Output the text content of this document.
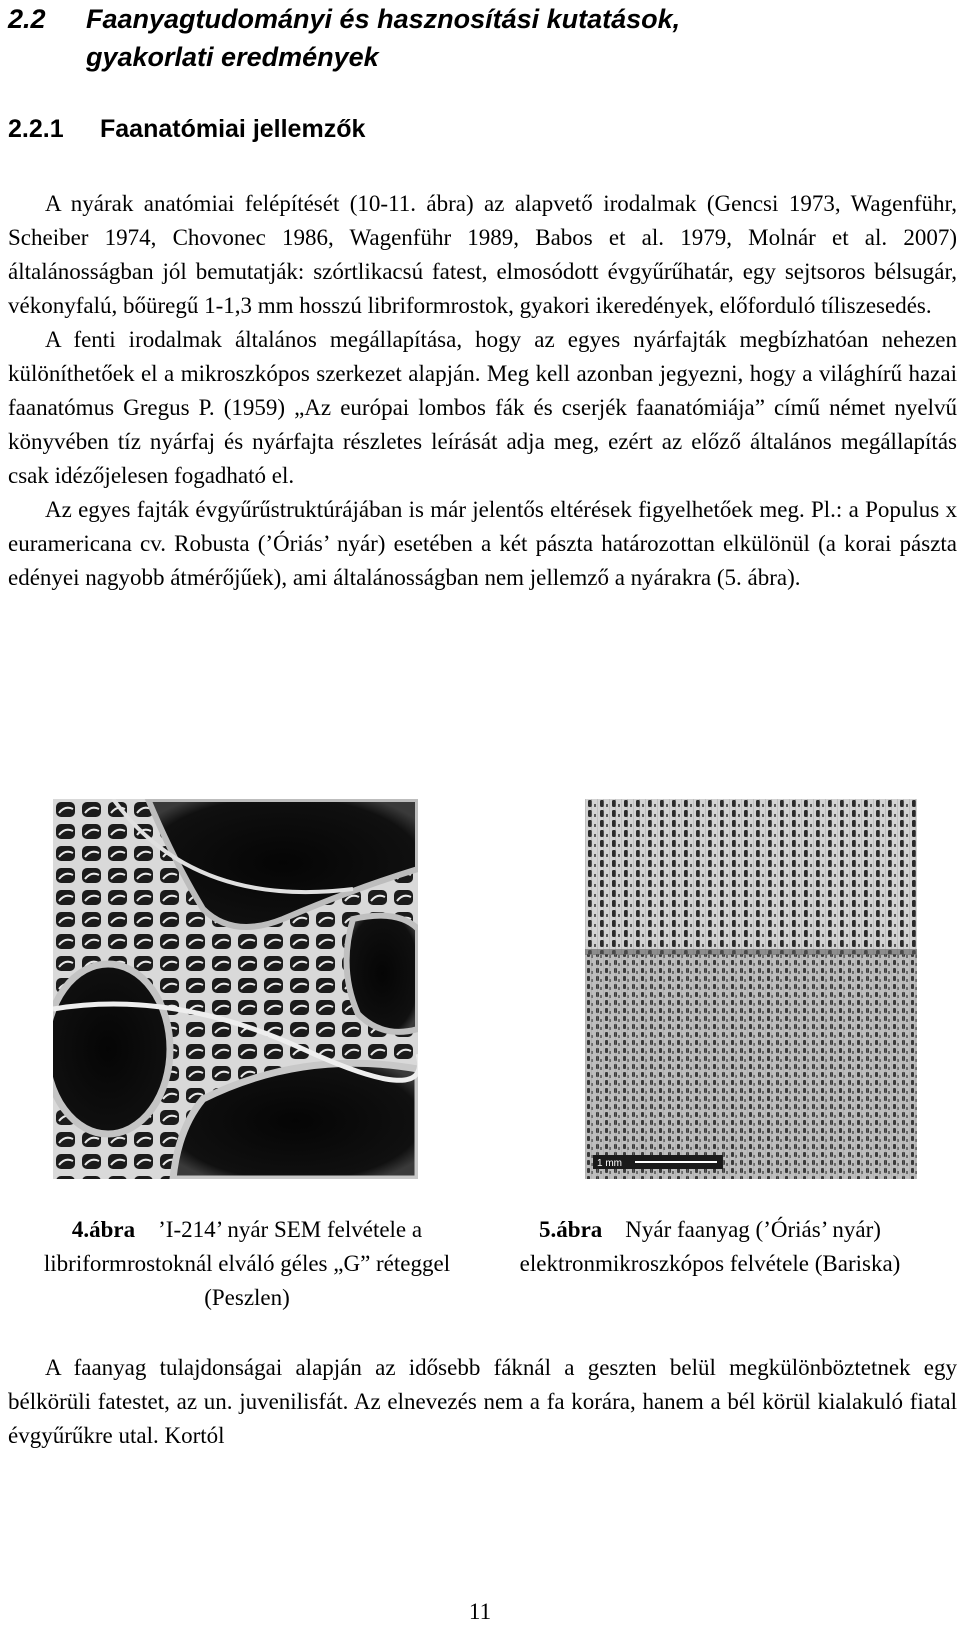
2.2 Faanyagtudományi és hasznosítási kutatások,
gyakorlati eredmények
2.2.1 Faanatómiai jellemzők

A nyárak anatómiai felépítését (10-11. ábra) az alapvető irodalmak (Gencsi 1973, Wagenführ, Scheiber 1974, Chovonec 1986, Wagenführ 1989, Babos et al. 1979, Molnár et al. 2007) általánosságban jól bemutatják: szórtlikacsú fatest, elmosódott évgyűrűhatár, egy sejtsoros bélsugár, vékonyfalú, bőüregű 1-1,3 mm hosszú libriformrostok, gyakori ikeredények, előforduló tíliszesedés.

A fenti irodalmak általános megállapítása, hogy az egyes nyárfajták megbízhatóan nehezen különíthetőek el a mikroszkópos szerkezet alapján. Meg kell azonban jegyezni, hogy a világhírű hazai faanatómus Gregus P. (1959) „Az európai lombos fák és cserjék faanatómiája” című német nyelvű könyvében tíz nyárfaj és nyárfajta részletes leírását adja meg, ezért az előző általános megállapítás csak idézőjelesen fogadható el.

Az egyes fajták évgyűrűstruktúrájában is már jelentős eltérések figyelhetőek meg. Pl.: a Populus x euramericana cv. Robusta (’Óriás’ nyár) esetében a két pászta határozottan elkülönül (a korai pászta edényei nagyobb átmérőjűek), ami általánosságban nem jellemző a nyárakra (5. ábra).

1 mm
4.ábra ’I-214’ nyár SEM felvétele a libriformrostoknál elváló géles „G” réteggel (Peszlen)
5.ábra Nyár faanyag (’Óriás’ nyár) elektronmikroszkópos felvétele (Bariska)

A faanyag tulajdonságai alapján az idősebb fáknál a geszten belül megkülönböztetnek egy bélkörüli fatestet, az un. juvenilisfát. Az elnevezés nem a fa korára, hanem a bél körül kialakuló fiatal évgyűrűkre utal. Kortól

11
